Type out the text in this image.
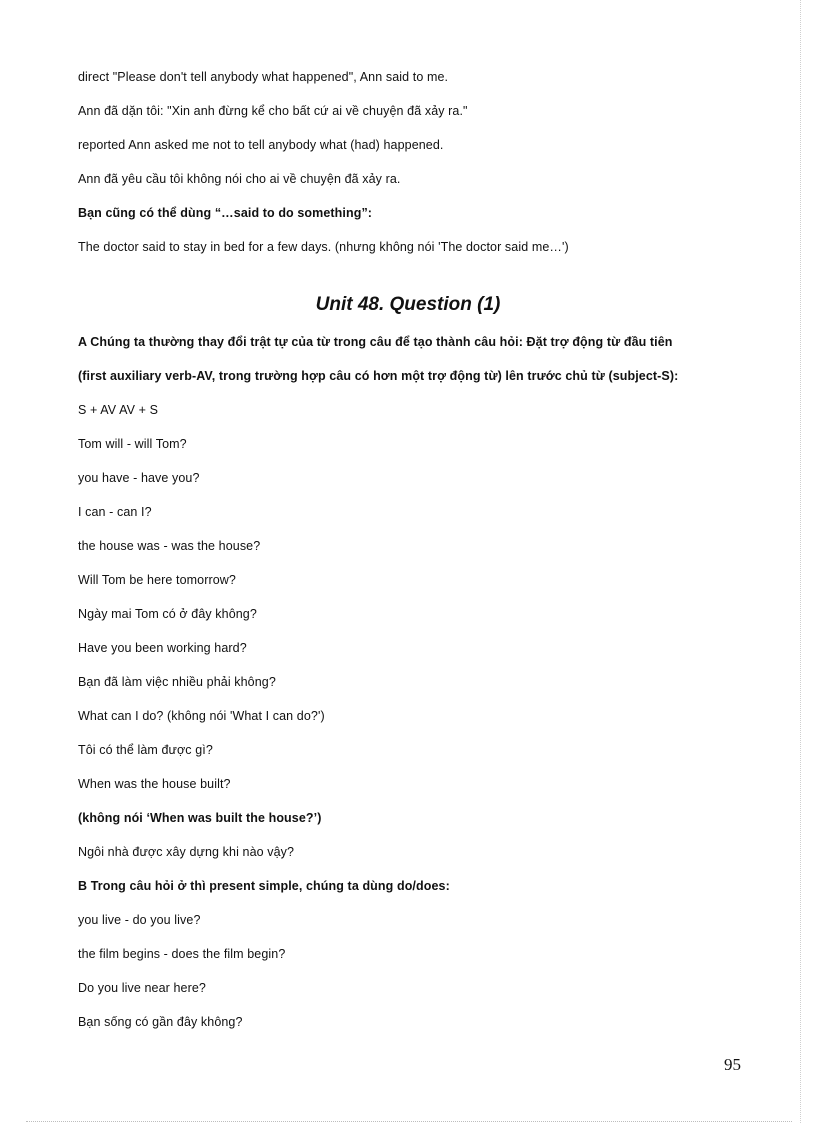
direct "Please don't tell anybody what happened", Ann said to me.
Ann đã dặn tôi: "Xin anh đừng kể cho bất cứ ai về chuyện đã xảy ra."
reported Ann asked me not to tell anybody what (had) happened.
Ann đã yêu cầu tôi không nói cho ai về chuyện đã xảy ra.
Bạn cũng có thể dùng “…said to do something”:
The doctor said to stay in bed for a few days. (nhưng không nói 'The doctor said me…')
Unit 48. Question (1)
A Chúng ta thường thay đổi trật tự của từ trong câu để tạo thành câu hỏi: Đặt trợ động từ đầu tiên
(first auxiliary verb-AV, trong trường hợp câu có hơn một trợ động từ) lên trước chủ từ (subject-S):
S + AV AV + S
Tom will - will Tom?
you have - have you?
I can - can I?
the house was - was the house?
Will Tom be here tomorrow?
Ngày mai Tom có ở đây không?
Have you been working hard?
Bạn đã làm việc nhiều phải không?
What can I do? (không nói 'What I can do?')
Tôi có thể làm được gì?
When was the house built?
(không nói ‘When was built the house?’)
Ngôi nhà được xây dựng khi nào vậy?
B Trong câu hỏi ở thì present simple, chúng ta dùng do/does:
you live - do you live?
the film begins - does the film begin?
Do you live near here?
Bạn sống có gần đây không?
95
